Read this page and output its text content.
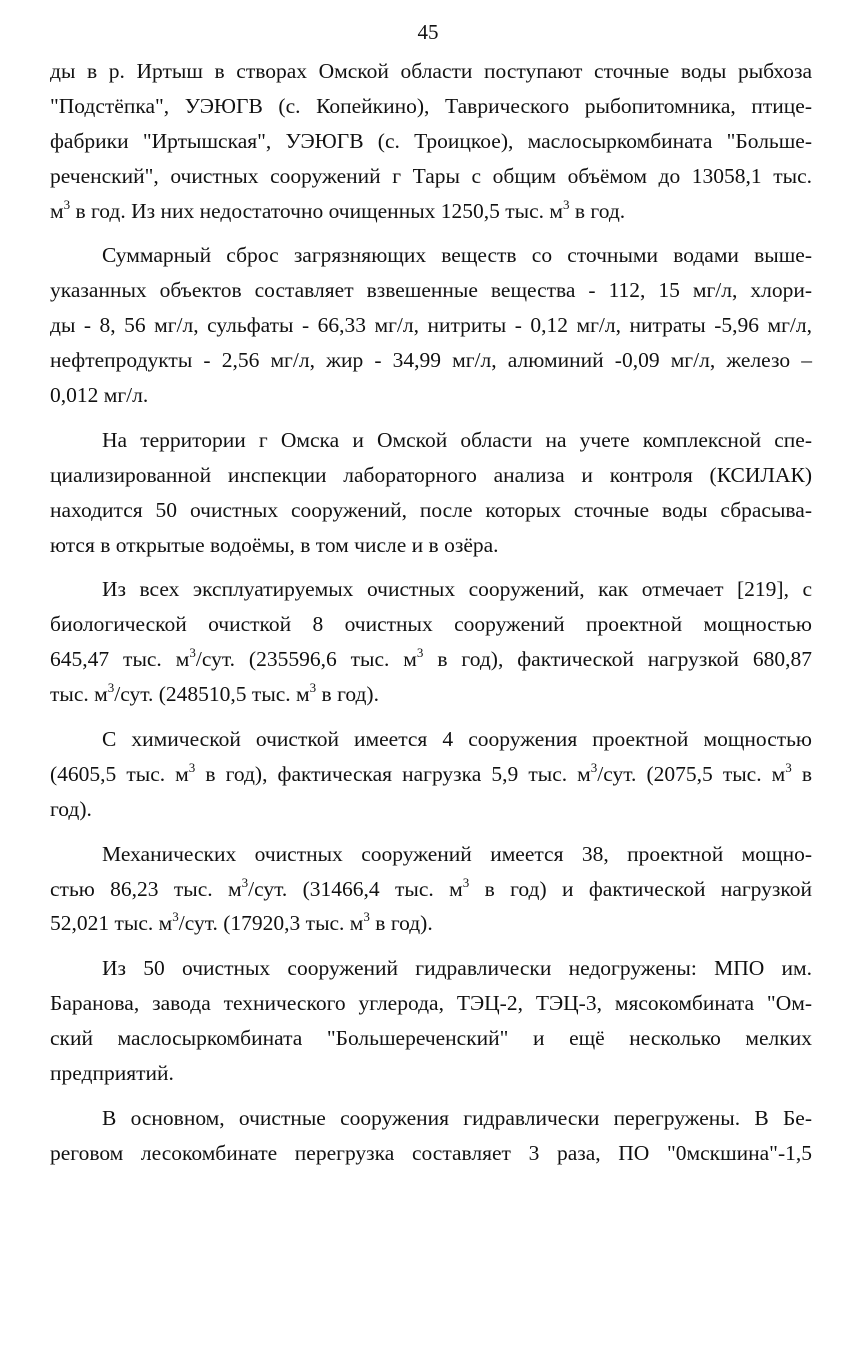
45
ды в р. Иртыш в створах Омской области поступают сточные воды рыбхоза
"Подстёпка", УЭЮГВ (с. Копейкино), Таврического рыбопитомника, птице-
фабрики "Иртышская", УЭЮГВ (с. Троицкое), маслосыркомбината "Больше-
реченский", очистных сооружений г Тары с общим объёмом до 13058,1 тыс.
$м^3$ в год. Из них недостаточно очищенных 1250,5 тыс. $м^3$ в год.
Суммарный сброс загрязняющих веществ со сточными водами выше-
указанных объектов составляет взвешенные вещества - 112, 15 мг/л, хлори-
ды - 8, 56 мг/л, сульфаты - 66,33 мг/л, нитриты - 0,12 мг/л, нитраты -5,96 мг/л,
нефтепродукты - 2,56 мг/л, жир - 34,99 мг/л, алюминий -0,09 мг/л, железо –
0,012 мг/л.
На территории г Омска и Омской области на учете комплексной спе-
циализированной инспекции лабораторного анализа и контроля (КСИЛАК)
находится 50 очистных сооружений, после которых сточные воды сбрасыва-
ются в открытые водоёмы, в том числе и в озёра.
Из всех эксплуатируемых очистных сооружений, как отмечает [219], с
биологической очисткой 8 очистных сооружений проектной мощностью
645,47 тыс. $м^3$/сут. (235596,6 тыс. $м^3$ в год), фактической нагрузкой 680,87
тыс. $м^3$/сут. (248510,5 тыс. $м^3$ в год).
С химической очисткой имеется 4 сооружения проектной мощностью
(4605,5 тыс. $м^3$ в год), фактическая нагрузка 5,9 тыс. $м^3$/сут. (2075,5 тыс. $м^3$ в
год).
Механических очистных сооружений имеется 38, проектной мощно-
стью 86,23 тыс. $м^3$/сут. (31466,4 тыс. $м^3$ в год) и фактической нагрузкой
52,021 тыс. $м^3$/сут. (17920,3 тыс. $м^3$ в год).
Из 50 очистных сооружений гидравлически недогружены: МПО им.
Баранова, завода технического углерода, ТЭЦ-2, ТЭЦ-3, мясокомбината "Ом-
ский маслосыркомбината "Большереченский" и ещё несколько мелких
предприятий.
В основном, очистные сооружения гидравлически перегружены. В Бе-
реговом лесокомбинате перегрузка составляет 3 раза, ПО "0мскшина"-1,5
